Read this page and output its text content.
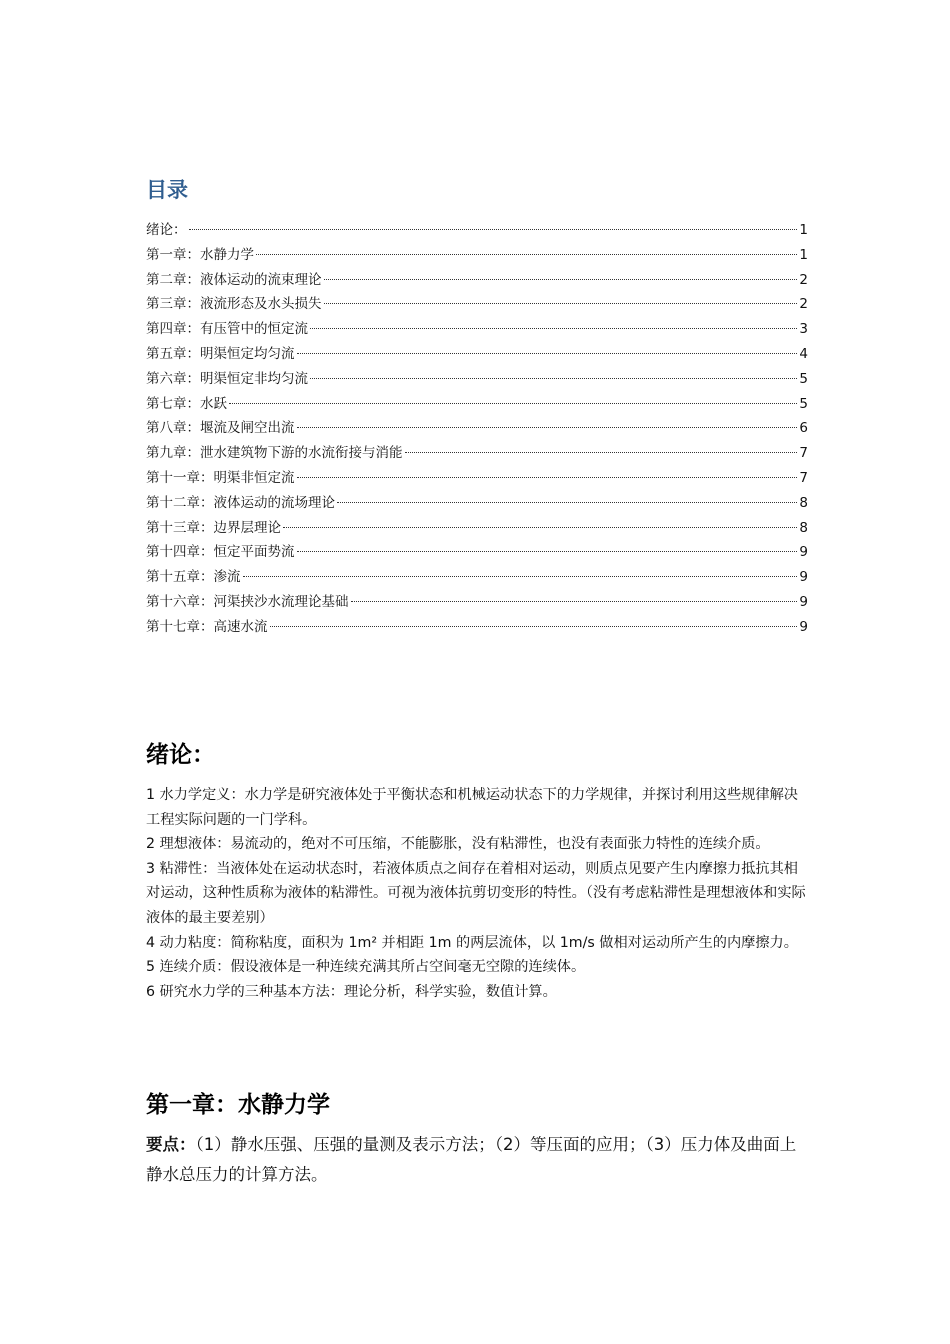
目录
绪论：	1
第一章：水静力学	1
第二章：液体运动的流束理论	2
第三章：液流形态及水头损失	2
第四章：有压管中的恒定流	3
第五章：明渠恒定均匀流	4
第六章：明渠恒定非均匀流	5
第七章：水跃	5
第八章：堰流及闸空出流	6
第九章：泄水建筑物下游的水流衔接与消能	7
第十一章：明渠非恒定流	7
第十二章：液体运动的流场理论	8
第十三章：边界层理论	8
第十四章：恒定平面势流	9
第十五章：渗流	9
第十六章：河渠挟沙水流理论基础	9
第十七章：高速水流	9
绪论：

1 水力学定义：水力学是研究液体处于平衡状态和机械运动状态下的力学规律，并探讨利用这些规律解决工程实际问题的一门学科。

2 理想液体：易流动的，绝对不可压缩，不能膨胀，没有粘滞性，也没有表面张力特性的连续介质。

3 粘滞性：当液体处在运动状态时，若液体质点之间存在着相对运动，则质点见要产生内摩擦力抵抗其相对运动，这种性质称为液体的粘滞性。可视为液体抗剪切变形的特性。（没有考虑粘滞性是理想液体和实际液体的最主要差别）

4 动力粘度：简称粘度，面积为 1m² 并相距 1m 的两层流体，以 1m/s 做相对运动所产生的内摩擦力。

5 连续介质：假设液体是一种连续充满其所占空间毫无空隙的连续体。

6 研究水力学的三种基本方法：理论分析，科学实验，数值计算。

第一章：水静力学

要点：（1）静水压强、压强的量测及表示方法；（2）等压面的应用；（3）压力体及曲面上静水总压力的计算方法。
